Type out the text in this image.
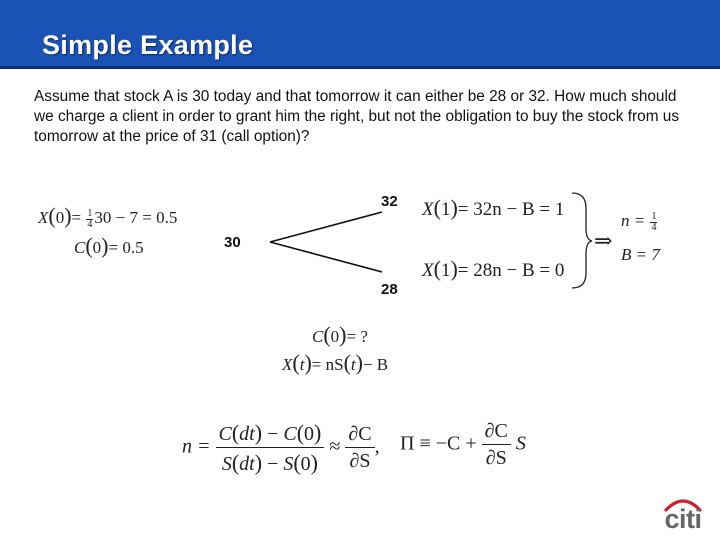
Simple Example
Assume that stock A is 30 today and that tomorrow it can either be 28 or 32. How much should we charge a client in order to grant him the right, but not the obligation to buy the stock from us tomorrow at the price of 31 (call option)?
$X(0)= \frac{1}{4} 30 - 7 = 0.5$
C(0)= 0.5
32
30
28
X(1)= 32n − B = 1
X(1)= 28n − B = 0
⇒
$n = \frac{1}{4}$
B = 7
C(0)= ?
X(t)= nS(t)− B
$n = \frac{C(dt) - C(0)}{S(dt) - S(0)} \approx \frac{\partial C}{\partial S}$ , $\Pi \equiv -C + \frac{\partial C}{\partial S}$ S
citi
